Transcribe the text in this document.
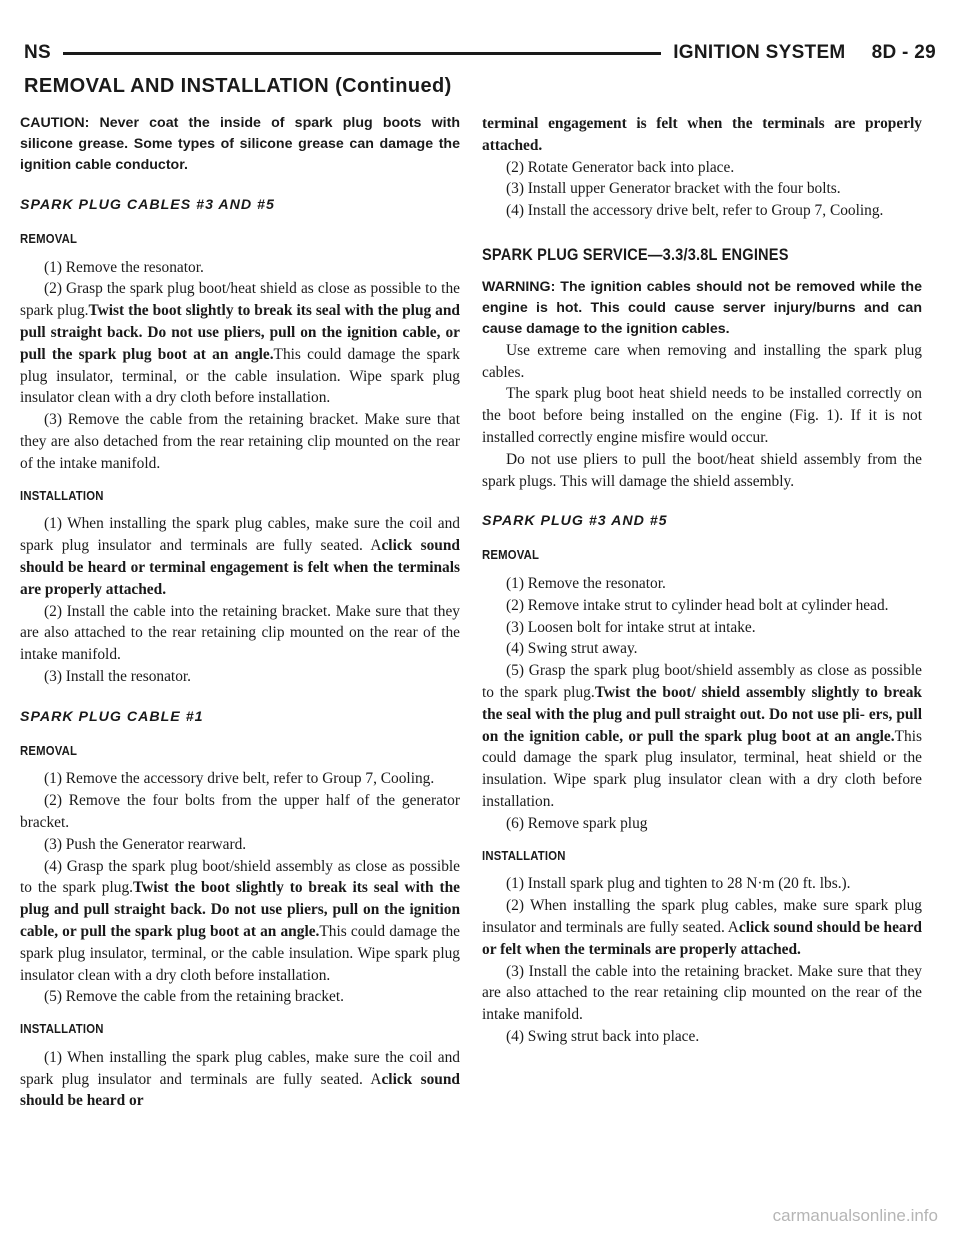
NS	IGNITION SYSTEM 8D - 29
REMOVAL AND INSTALLATION (Continued)

CAUTION: Never coat the inside of spark plug boots with silicone grease. Some types of silicone grease can damage the ignition cable conductor.

SPARK PLUG CABLES #3 AND #5
REMOVAL

(1) Remove the resonator.

(2) Grasp the spark plug boot/heat shield as close as possible to the spark plug.Twist the boot slightly to break its seal with the plug and pull straight back. Do not use pliers, pull on the ignition cable, or pull the spark plug boot at an angle.This could damage the spark plug insulator, terminal, or the cable insulation. Wipe spark plug insulator clean with a dry cloth before installation.

(3) Remove the cable from the retaining bracket. Make sure that they are also detached from the rear retaining clip mounted on the rear of the intake manifold.

INSTALLATION

(1) When installing the spark plug cables, make sure the coil and spark plug insulator and terminals are fully seated. Aclick sound should be heard or terminal engagement is felt when the terminals are properly attached.

(2) Install the cable into the retaining bracket. Make sure that they are also attached to the rear retaining clip mounted on the rear of the intake manifold.

(3) Install the resonator.

SPARK PLUG CABLE #1
REMOVAL

(1) Remove the accessory drive belt, refer to Group 7, Cooling.

(2) Remove the four bolts from the upper half of the generator bracket.

(3) Push the Generator rearward.

(4) Grasp the spark plug boot/shield assembly as close as possible to the spark plug.Twist the boot slightly to break its seal with the plug and pull straight back. Do not use pliers, pull on the ignition cable, or pull the spark plug boot at an angle.This could damage the spark plug insulator, terminal, or the cable insulation. Wipe spark plug insulator clean with a dry cloth before installation.

(5) Remove the cable from the retaining bracket.

INSTALLATION

(1) When installing the spark plug cables, make sure the coil and spark plug insulator and terminals are fully seated. Aclick sound should be heard or

terminal engagement is felt when the terminals are properly attached.

(2) Rotate Generator back into place.

(3) Install upper Generator bracket with the four bolts.

(4) Install the accessory drive belt, refer to Group 7, Cooling.

SPARK PLUG SERVICE—3.3/3.8L ENGINES

WARNING: The ignition cables should not be removed while the engine is hot. This could cause server injury/burns and can cause damage to the ignition cables.

Use extreme care when removing and installing the spark plug cables.

The spark plug boot heat shield needs to be installed correctly on the boot before being installed on the engine (Fig. 1). If it is not installed correctly engine misfire would occur.

Do not use pliers to pull the boot/heat shield assembly from the spark plugs. This will damage the shield assembly.

SPARK PLUG #3 AND #5
REMOVAL

(1) Remove the resonator.

(2) Remove intake strut to cylinder head bolt at cylinder head.

(3) Loosen bolt for intake strut at intake.

(4) Swing strut away.

(5) Grasp the spark plug boot/shield assembly as close as possible to the spark plug.Twist the boot/ shield assembly slightly to break the seal with the plug and pull straight out. Do not use pli- ers, pull on the ignition cable, or pull the spark plug boot at an angle.This could damage the spark plug insulator, terminal, heat shield or the insulation. Wipe spark plug insulator clean with a dry cloth before installation.

(6) Remove spark plug

INSTALLATION

(1) Install spark plug and tighten to 28 N·m (20 ft. lbs.).

(2) When installing the spark plug cables, make sure spark plug insulator and terminals are fully seated. Aclick sound should be heard or felt when the terminals are properly attached.

(3) Install the cable into the retaining bracket. Make sure that they are also attached to the rear retaining clip mounted on the rear of the intake manifold.

(4) Swing strut back into place.

carmanualsonline.info
